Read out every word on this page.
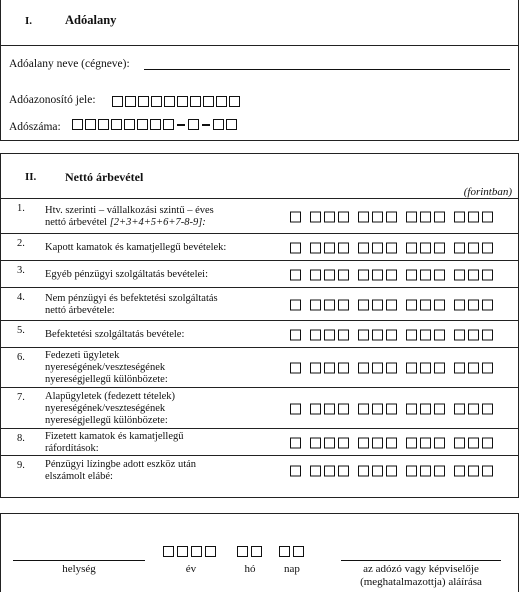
I.	Adóalany
Adóalany neve (cégneve):
Adóazonosító jele:
Adószáma:
II. Nettó árbevétel
(forintban)
1. Htv. szerinti – vállalkozási szintű – éves
nettó árbevétel [2+3+4+5+6+7-8-9]:
2. Kapott kamatok és kamatjellegű bevételek:
3. Egyéb pénzügyi szolgáltatás bevételei:
4. Nem pénzügyi és befektetési szolgáltatás
nettó árbevétele:
5. Befektetési szolgáltatás bevétele:
6. Fedezeti ügyletek
nyereségének/veszteségének
nyereségjellegű különbözete:
7. Alapügyletek (fedezett tételek)
nyereségének/veszteségének
nyereségjellegű különbözete:
8. Fizetett kamatok és kamatjellegű
ráfordítások:
9. Pénzügyi lízingbe adott eszköz után
elszámolt elábé:
helység	év	hó	nap	az adózó vagy képviselője
(meghatalmazottja) aláírása
